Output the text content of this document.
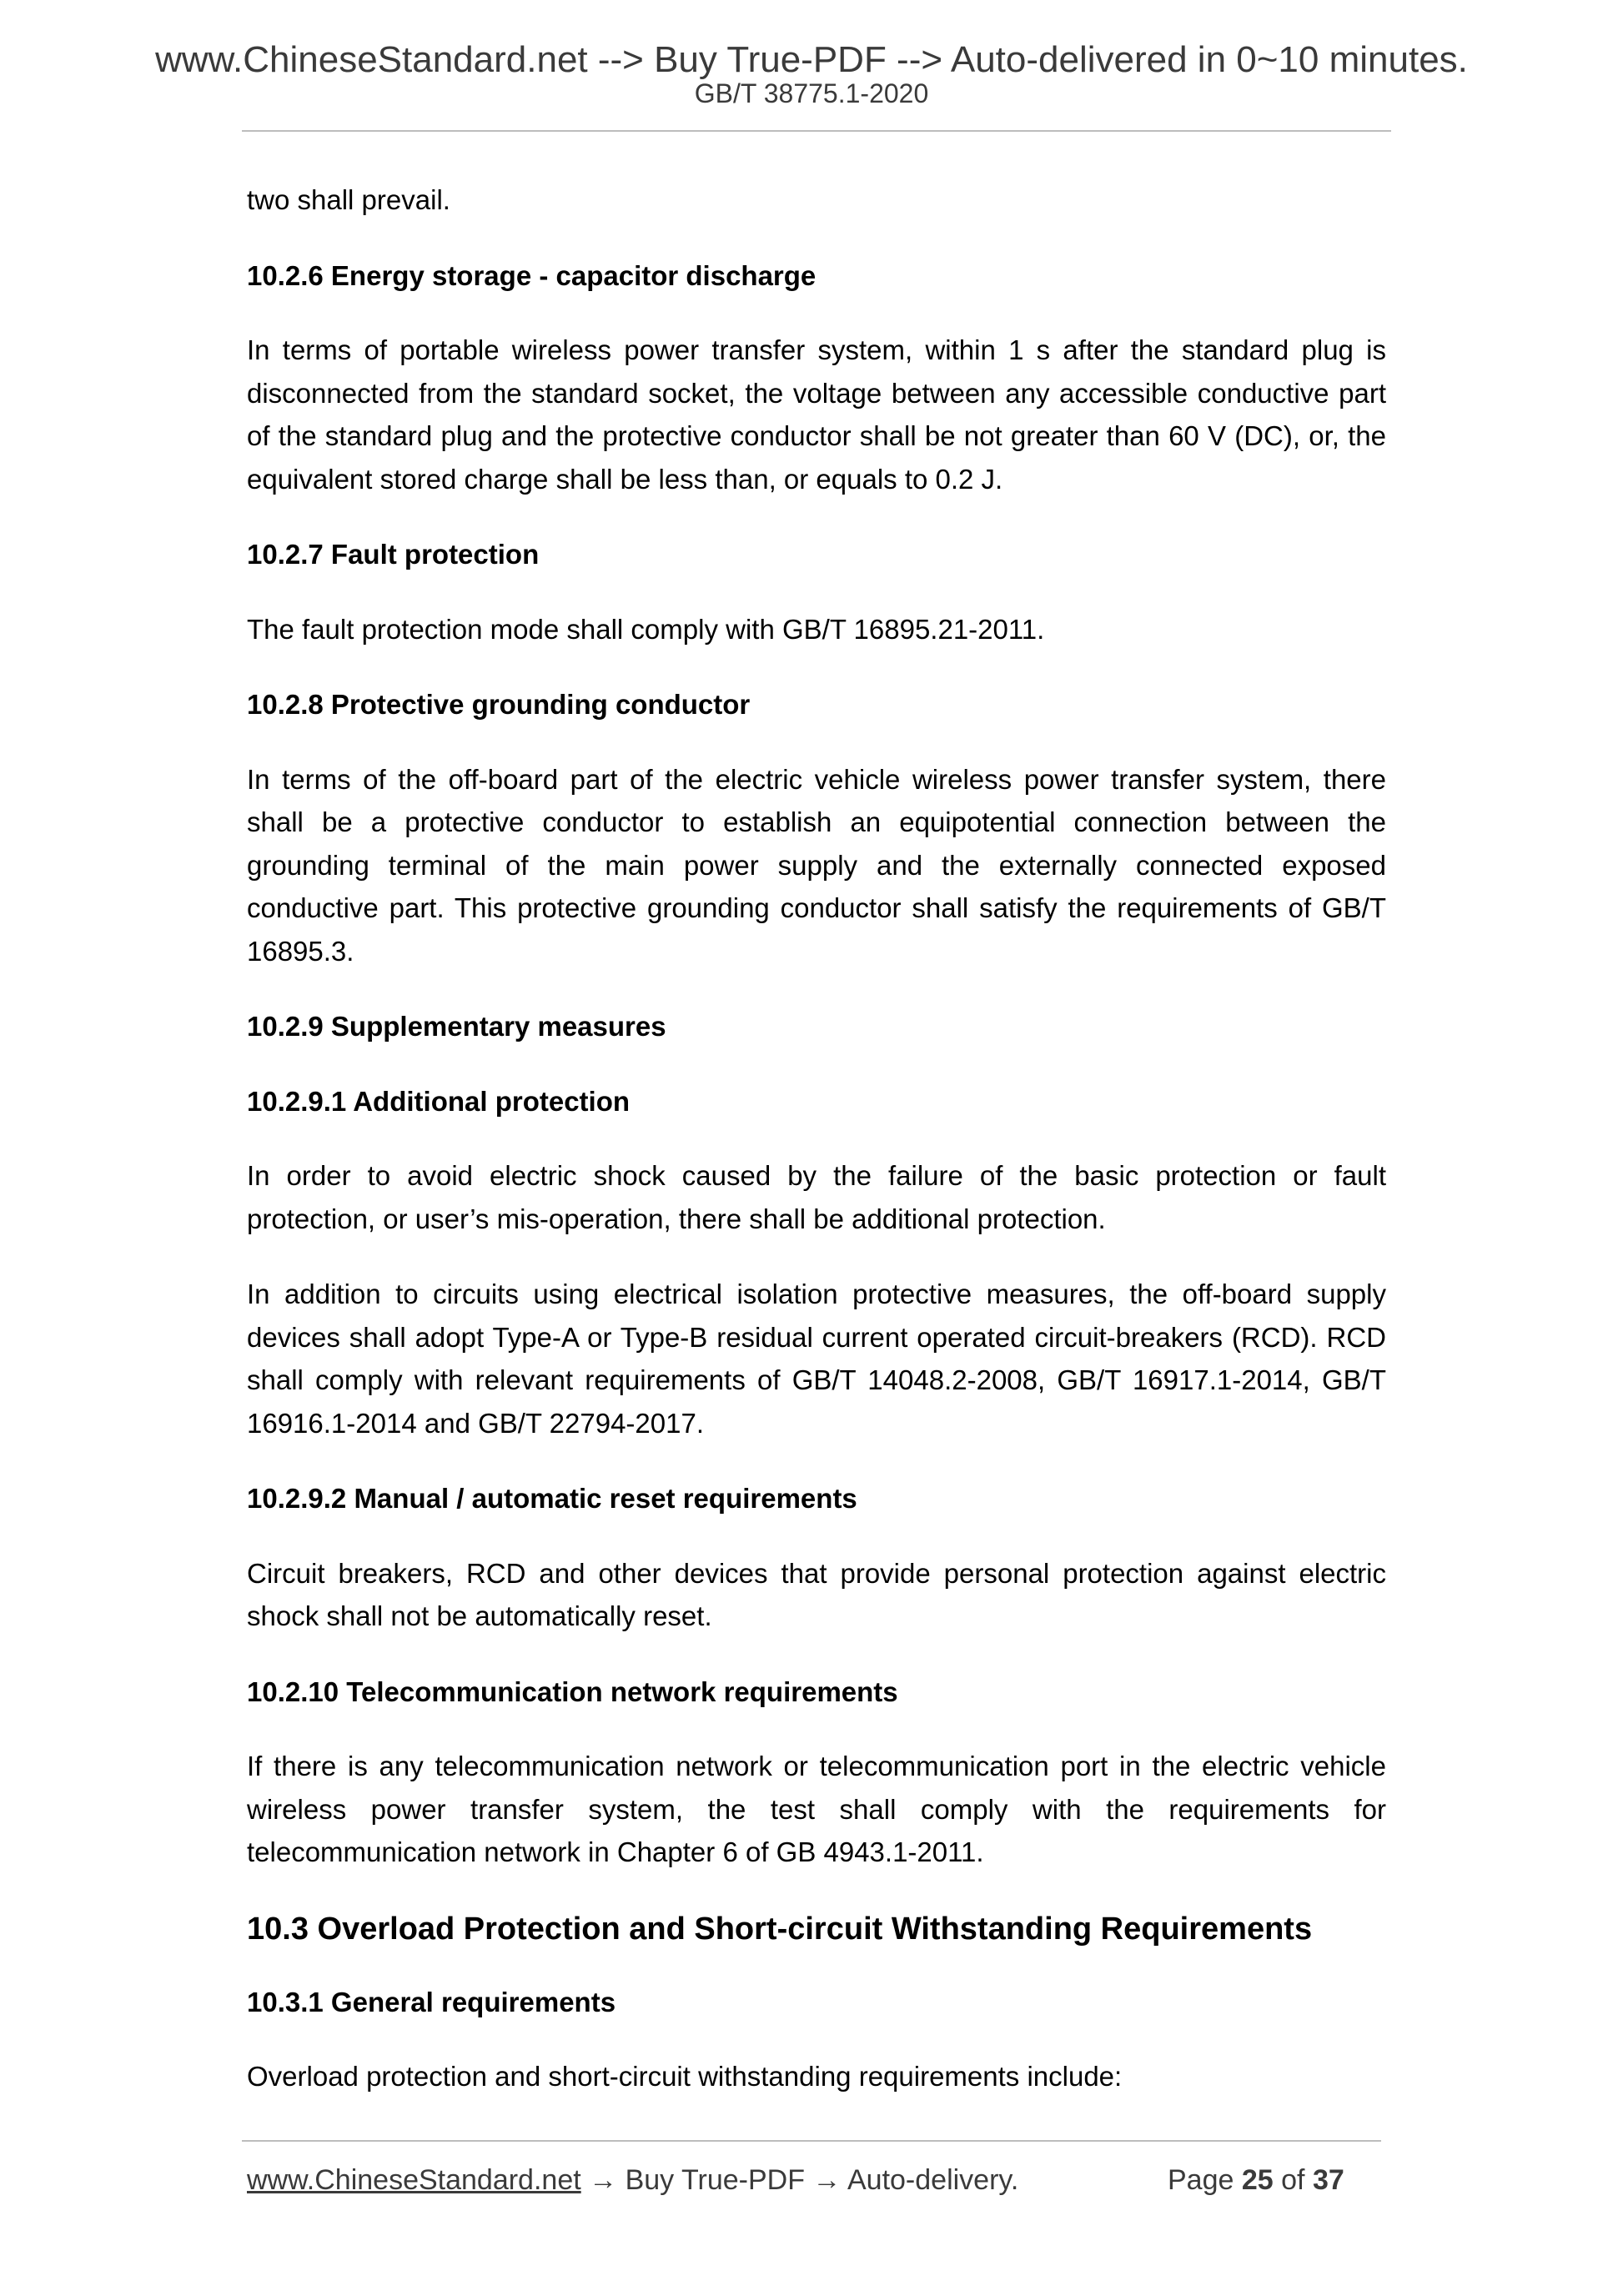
www.ChineseStandard.net --> Buy True-PDF --> Auto-delivered in 0~10 minutes.
GB/T 38775.1-2020

two shall prevail.

10.2.6 Energy storage - capacitor discharge

In terms of portable wireless power transfer system, within 1 s after the standard plug is disconnected from the standard socket, the voltage between any accessible conductive part of the standard plug and the protective conductor shall be not greater than 60 V (DC), or, the equivalent stored charge shall be less than, or equals to 0.2 J.

10.2.7 Fault protection

The fault protection mode shall comply with GB/T 16895.21-2011.

10.2.8 Protective grounding conductor

In terms of the off-board part of the electric vehicle wireless power transfer system, there shall be a protective conductor to establish an equipotential connection between the grounding terminal of the main power supply and the externally connected exposed conductive part. This protective grounding conductor shall satisfy the requirements of GB/T 16895.3.

10.2.9 Supplementary measures
10.2.9.1 Additional protection

In order to avoid electric shock caused by the failure of the basic protection or fault protection, or user’s mis-operation, there shall be additional protection.

In addition to circuits using electrical isolation protective measures, the off-board supply devices shall adopt Type-A or Type-B residual current operated circuit-breakers (RCD). RCD shall comply with relevant requirements of GB/T 14048.2-2008, GB/T 16917.1-2014, GB/T 16916.1-2014 and GB/T 22794-2017.

10.2.9.2 Manual / automatic reset requirements

Circuit breakers, RCD and other devices that provide personal protection against electric shock shall not be automatically reset.

10.2.10 Telecommunication network requirements

If there is any telecommunication network or telecommunication port in the electric vehicle wireless power transfer system, the test shall comply with the requirements for telecommunication network in Chapter 6 of GB 4943.1-2011.

10.3 Overload Protection and Short-circuit Withstanding Requirements
10.3.1 General requirements

Overload protection and short-circuit withstanding requirements include:

www.ChineseStandard.net → Buy True-PDF → Auto-delivery.	Page 25 of 37
